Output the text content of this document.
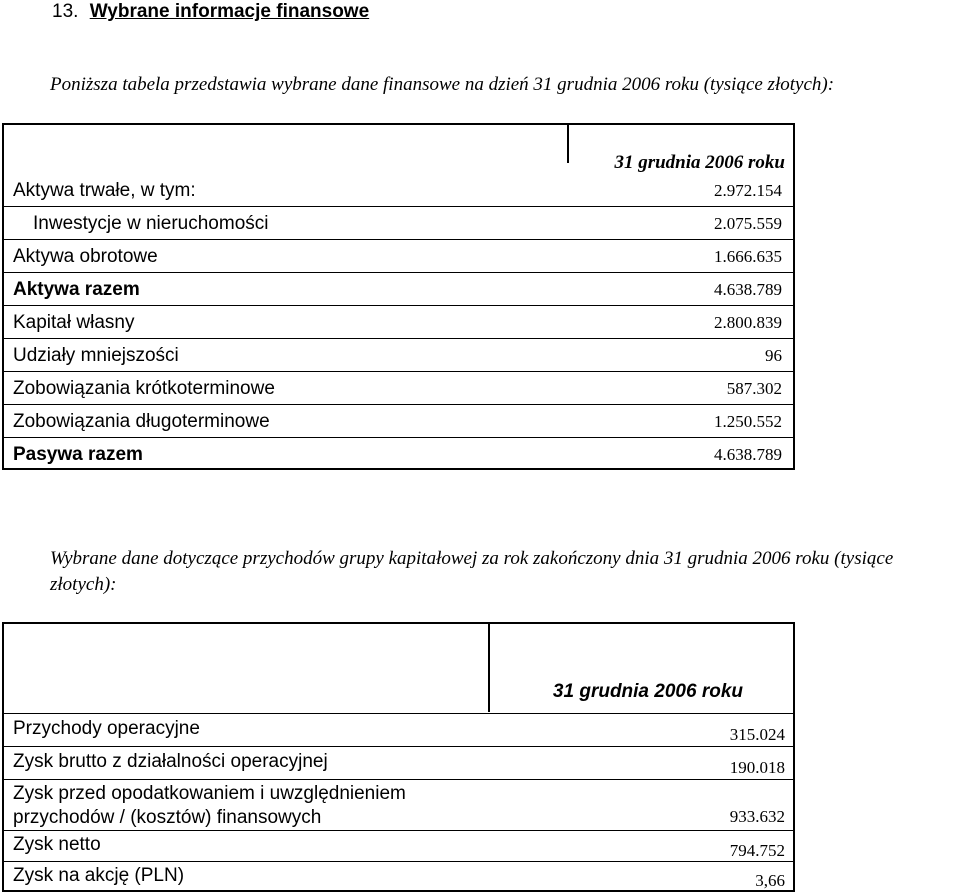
13. Wybrane informacje finansowe
Poniższa tabela przedstawia wybrane dane finansowe na dzień 31 grudnia 2006 roku (tysiące złotych):
31 grudnia 2006 roku
Aktywa trwałe, w tym:	2.972.154
Inwestycje w nieruchomości	2.075.559
Aktywa obrotowe	1.666.635
Aktywa razem	4.638.789
Kapitał własny	2.800.839
Udziały mniejszości	96
Zobowiązania krótkoterminowe	587.302
Zobowiązania długoterminowe	1.250.552
Pasywa razem	4.638.789
Wybrane dane dotyczące przychodów grupy kapitałowej za rok zakończony dnia 31 grudnia 2006 roku (tysiące złotych):
31 grudnia 2006 roku
Przychody operacyjne	315.024
Zysk brutto z działalności operacyjnej	190.018
Zysk przed opodatkowaniem i uwzględnieniem
przychodów / (kosztów) finansowych	933.632
Zysk netto	794.752
Zysk na akcję (PLN)	3,66
